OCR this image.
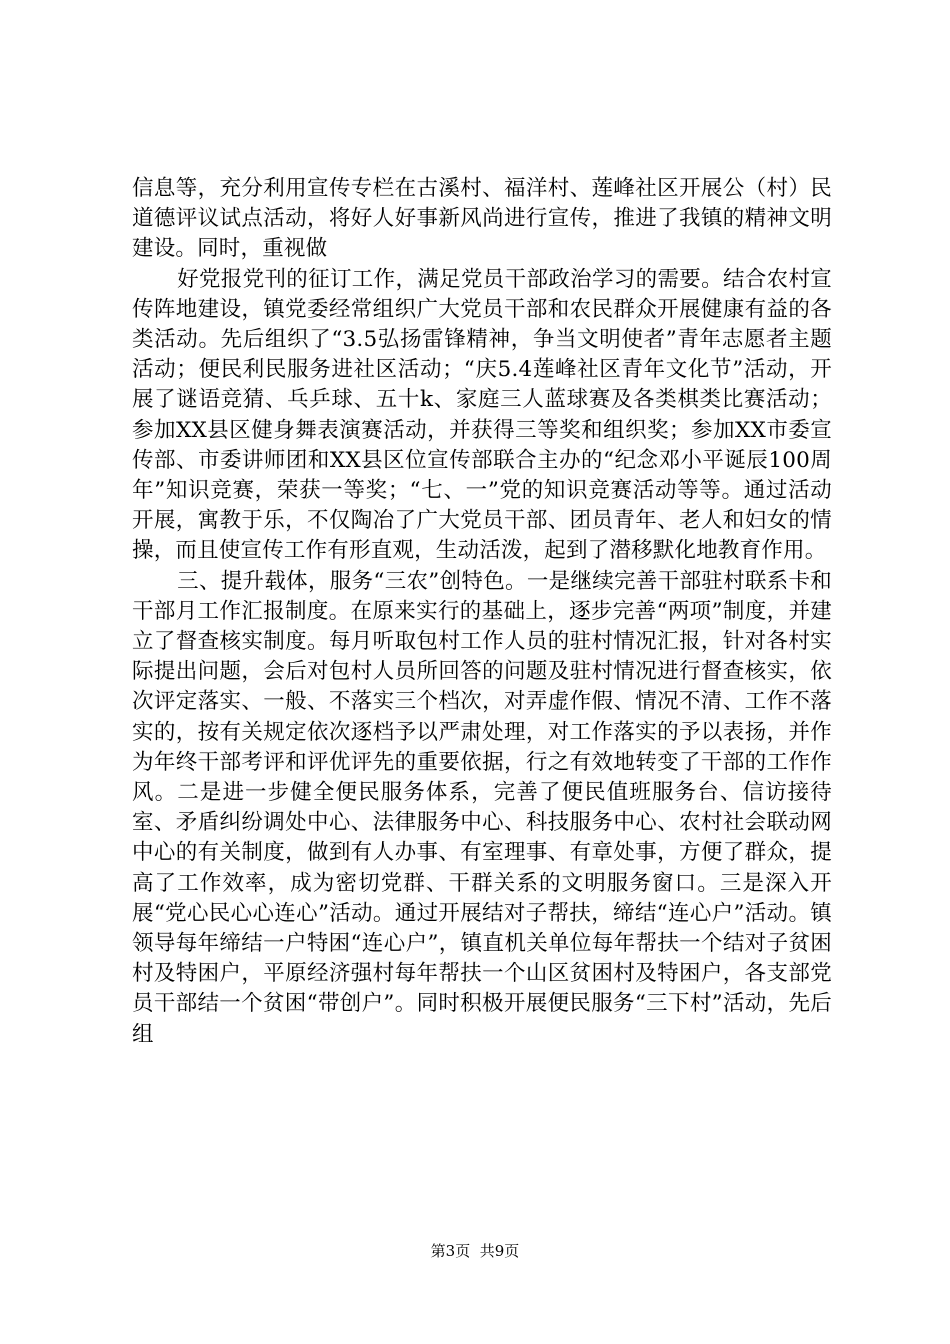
信息等，充分利用宣传专栏在古溪村、福洋村、莲峰社区开展公（村）民道德评议试点活动，将好人好事新风尚进行宣传，推进了我镇的精神文明建设。同时，重视做

好党报党刊的征订工作，满足党员干部政治学习的需要。结合农村宣传阵地建设，镇党委经常组织广大党员干部和农民群众开展健康有益的各类活动。先后组织了“3.5弘扬雷锋精神，争当文明使者”青年志愿者主题活动；便民利民服务进社区活动；“庆5.4莲峰社区青年文化节”活动，开展了谜语竞猜、乓乒球、五十k、家庭三人蓝球赛及各类棋类比赛活动；参加XX县区健身舞表演赛活动，并获得三等奖和组织奖；参加XX市委宣传部、市委讲师团和XX县区位宣传部联合主办的“纪念邓小平诞辰100周年”知识竞赛，荣获一等奖；“七、一”党的知识竞赛活动等等。通过活动开展，寓教于乐，不仅陶冶了广大党员干部、团员青年、老人和妇女的情操，而且使宣传工作有形直观，生动活泼，起到了潜移默化地教育作用。

三、提升载体，服务“三农”创特色。一是继续完善干部驻村联系卡和干部月工作汇报制度。在原来实行的基础上，逐步完善“两项”制度，并建立了督查核实制度。每月听取包村工作人员的驻村情况汇报，针对各村实际提出问题，会后对包村人员所回答的问题及驻村情况进行督查核实，依次评定落实、一般、不落实三个档次，对弄虚作假、情况不清、工作不落实的，按有关规定依次逐档予以严肃处理，对工作落实的予以表扬，并作为年终干部考评和评优评先的重要依据，行之有效地转变了干部的工作作风。二是进一步健全便民服务体系，完善了便民值班服务台、信访接待室、矛盾纠纷调处中心、法律服务中心、科技服务中心、农村社会联动网中心的有关制度，做到有人办事、有室理事、有章处事，方便了群众，提高了工作效率，成为密切党群、干群关系的文明服务窗口。三是深入开展“党心民心心连心”活动。通过开展结对子帮扶，缔结“连心户”活动。镇领导每年缔结一户特困“连心户”，镇直机关单位每年帮扶一个结对子贫困村及特困户，平原经济强村每年帮扶一个山区贫困村及特困户，各支部党员干部结一个贫困“带创户”。同时积极开展便民服务“三下村”活动，先后组

第3页 共9页
